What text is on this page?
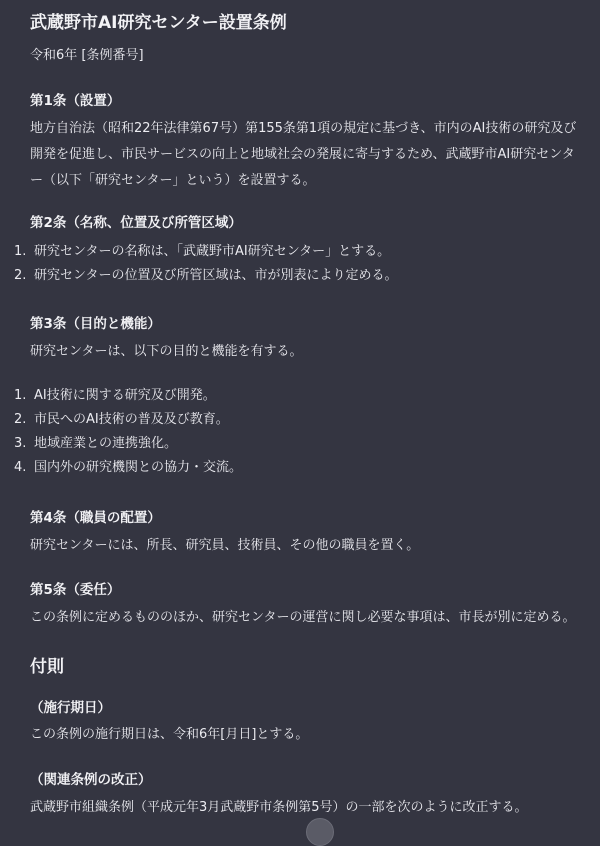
武蔵野市AI研究センター設置条例
令和6年 [条例番号]
第1条（設置）
地方自治法（昭和22年法律第67号）第155条第1項の規定に基づき、市内のAI技術の研究及び開発を促進し、市民サービスの向上と地域社会の発展に寄与するため、武蔵野市AI研究センター（以下「研究センター」という）を設置する。
第2条（名称、位置及び所管区域）
1. 研究センターの名称は、「武蔵野市AI研究センター」とする。
2. 研究センターの位置及び所管区域は、市が別表により定める。
第3条（目的と機能）
研究センターは、以下の目的と機能を有する。
1. AI技術に関する研究及び開発。
2. 市民へのAI技術の普及及び教育。
3. 地域産業との連携強化。
4. 国内外の研究機関との協力・交流。
第4条（職員の配置）
研究センターには、所長、研究員、技術員、その他の職員を置く。
第5条（委任）
この条例に定めるもののほか、研究センターの運営に関し必要な事項は、市長が別に定める。
付則
（施行期日）
この条例の施行期日は、令和6年[月日]とする。
（関連条例の改正）
武蔵野市組織条例（平成元年3月武蔵野市条例第5号）の一部を次のように改正する。
